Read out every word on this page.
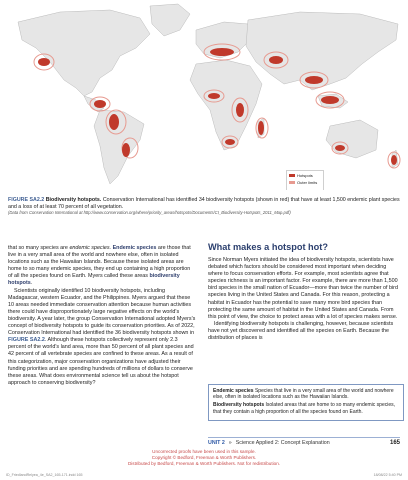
Hotspots
Outer limits
FIGURE SA2.2 Biodiversity hotspots. Conservation International has identified 34 biodiversity hotspots (shown in red) that have at least 1,500 endemic plant species and a loss of at least 70 percent of all vegetation.
(Data from Conservation International at http://www.conservation.org/where/priority_areas/hotspots/Documents/CI_Biodiversity-Hotspots_2011_Map.pdf)

that so many species are endemic species. Endemic species are those that live in a very small area of the world and nowhere else, often in isolated locations such as the Hawaiian Islands. Because these isolated areas are home to so many endemic species, they end up containing a high proportion of all the species found on Earth. Myers called these areas biodiversity hotspots.

Scientists originally identified 10 biodiversity hotspots, including Madagascar, western Ecuador, and the Philippines. Myers argued that these 10 areas needed immediate conservation attention because human activities there could have disproportionately large negative effects on the world's biodiversity. A year later, the group Conservation International adopted Myers's concept of biodiversity hotspots to guide its conservation priorities. As of 2022, Conservation International had identified the 36 biodiversity hotspots shown in FIGURE SA2.2. Although these hotspots collectively represent only 2.3 percent of the world's land area, more than 50 percent of all plant species and 42 percent of all vertebrate species are confined to these areas. As a result of this categorization, major conservation organizations have adjusted their funding priorities and are spending hundreds of millions of dollars to conserve these areas. What does environmental science tell us about the hotspot approach to conserving biodiversity?

What makes a hotspot hot?

Since Norman Myers initiated the idea of biodiversity hotspots, scientists have debated which factors should be considered most important when deciding where to focus conservation efforts. For example, most scientists agree that species richness is an important factor. For example, there are more than 1,500 bird species in the small nation of Ecuador—more than twice the number of bird species living in the United States and Canada. For this reason, protecting a habitat in Ecuador has the potential to save many more bird species than protecting the same amount of habitat in the United States and Canada. From this point of view, the choice to protect areas with a lot of species makes sense.

Identifying biodiversity hotspots is challenging, however, because scientists have not yet discovered and identified all the species on Earth. Because the distribution of places is

Endemic species Species that live in a very small area of the world and nowhere else, often in isolated locations such as the Hawaiian Islands.

Biodiversity hotspots Isolated areas that are home to so many endemic species, that they contain a high proportion of all the species found on Earth.

UNIT 2 » Science Applied 2: Concept Explanation	165
Uncorrected proofs have been used in this sample.
Copyright © Bedford, Freeman & Worth Publishers.
Distributed by Bedford, Freeman & Worth Publishers. Not for redistribution.
ID_FriedlandRelyea_4e_SA2_165-171.indd 165	18/08/22 5:40 PM
